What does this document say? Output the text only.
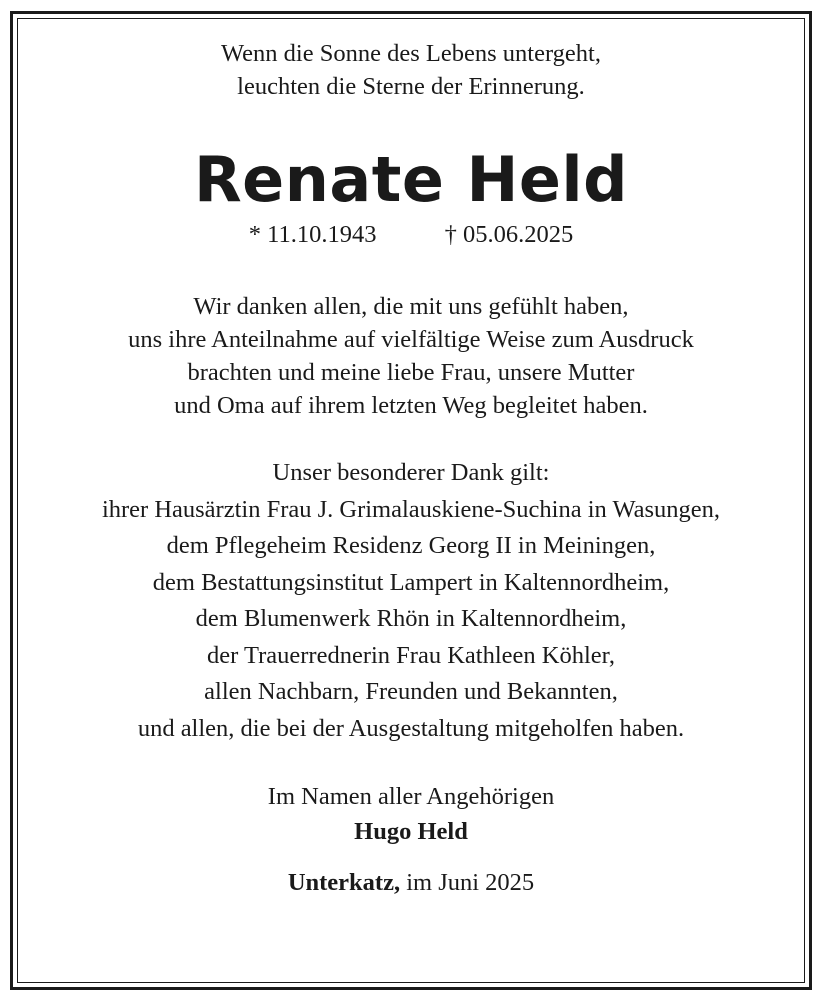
Wenn die Sonne des Lebens untergeht,
leuchten die Sterne der Erinnerung.
Renate Held
* 11.10.1943	† 05.06.2025
Wir danken allen, die mit uns gefühlt haben,
uns ihre Anteilnahme auf vielfältige Weise zum Ausdruck
brachten und meine liebe Frau, unsere Mutter
und Oma auf ihrem letzten Weg begleitet haben.
Unser besonderer Dank gilt:
ihrer Hausärztin Frau J. Grimalauskiene-Suchina in Wasungen,
dem Pflegeheim Residenz Georg II in Meiningen,
dem Bestattungsinstitut Lampert in Kaltennordheim,
dem Blumenwerk Rhön in Kaltennordheim,
der Trauerrednerin Frau Kathleen Köhler,
allen Nachbarn, Freunden und Bekannten,
und allen, die bei der Ausgestaltung mitgeholfen haben.
Im Namen aller Angehörigen
Hugo Held
Unterkatz, im Juni 2025
